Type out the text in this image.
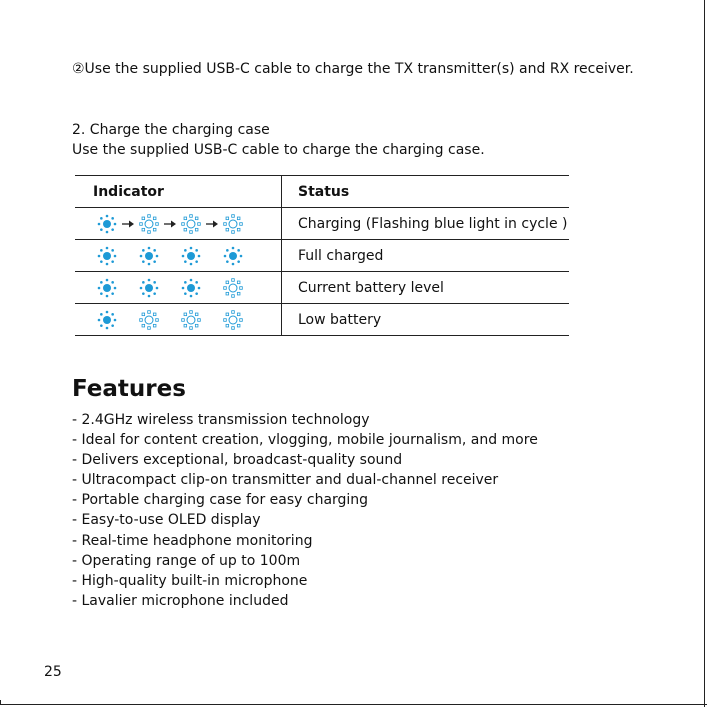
②Use the supplied USB-C cable to charge the TX transmitter(s) and RX receiver.
2. Charge the charging case
Use the supplied USB-C cable to charge the charging case.
Indicator	Status

	Charging (Flashing blue light in cycle )

	Full charged

	Current battery level

	Low battery
Features
- 2.4GHz wireless transmission technology
- Ideal for content creation, vlogging, mobile journalism, and more
- Delivers exceptional, broadcast-quality sound
- Ultracompact clip-on transmitter and dual-channel receiver
- Portable charging case for easy charging
- Easy-to-use OLED display
- Real-time headphone monitoring
- Operating range of up to 100m
- High-quality built-in microphone
- Lavalier microphone included
25
